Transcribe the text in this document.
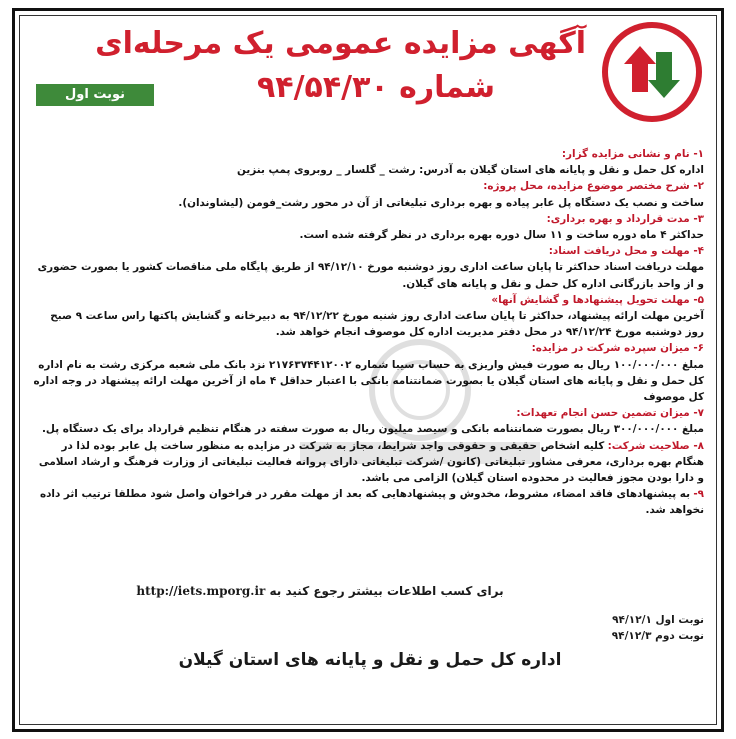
آگهی مزایده عمومی یک مرحله‌ای
شماره ۹۴/۵۴/۳۰
نوبت اول

۱- نام و نشانی مزایده گزار:

اداره کل حمل و نقل و پایانه های استان گیلان به آدرس: رشت _ گلسار _ روبروی پمپ بنزین

۲- شرح مختصر موضوع مزایده، محل پروژه:

ساخت و نصب یک دستگاه پل عابر پیاده و بهره برداری تبلیغاتی از آن در محور رشت_فومن (لیشاوندان).

۳- مدت قرارداد و بهره برداری:

حداکثر ۴ ماه دوره ساخت و ۱۱ سال دوره بهره برداری در نظر گرفته شده است.

۴- مهلت و محل دریافت اسناد:

مهلت دریافت اسناد حداکثر تا پایان ساعت اداری روز دوشنبه مورخ ۹۴/۱۲/۱۰ از طریق پایگاه ملی مناقصات کشور یا بصورت حضوری و از واحد بازرگانی اداره کل حمل و نقل و پایانه های گیلان.

۵- مهلت تحویل پیشنهادها و گشایش آنها»

آخرین مهلت ارائه پیشنهاد، حداکثر تا پایان ساعت اداری روز شنبه مورخ ۹۴/۱۲/۲۲ به دبیرخانه و گشایش پاکتها راس ساعت ۹ صبح روز دوشنبه مورخ ۹۴/۱۲/۲۴ در محل دفتر مدیریت اداره کل موصوف انجام خواهد شد.

۶- میزان سپرده شرکت در مزایده:

مبلغ ۱۰۰/۰۰۰/۰۰۰ ریال به صورت فیش واریزی به حساب سیبا شماره ۲۱۷۶۳۷۴۴۱۲۰۰۲ نزد بانک ملی شعبه مرکزی رشت به نام اداره کل حمل و نقل و پایانه های استان گیلان یا بصورت ضمانتنامه بانکی با اعتبار حداقل ۴ ماه از آخرین مهلت ارائه پیشنهاد در وجه اداره کل موصوف

۷- میزان تضمین حسن انجام تعهدات:

مبلغ ۳۰۰/۰۰۰/۰۰۰ ریال بصورت ضمانتنامه بانکی و سیصد میلیون ریال به صورت سفته در هنگام تنظیم قرارداد برای یک دستگاه پل.

۸- صلاحیت شرکت: کلیه اشخاص حقیقی و حقوقی واجد شرایط، مجاز به شرکت در مزایده به منظور ساخت پل عابر بوده لذا در هنگام بهره برداری، معرفی مشاور تبلیغاتی (کانون /شرکت تبلیغاتی دارای پروانه فعالیت تبلیغاتی از وزارت فرهنگ و ارشاد اسلامی و دارا بودن مجوز فعالیت در محدوده استان گیلان) الزامی می باشد.

۹- به پیشنهادهای فاقد امضاء، مشروط، مخدوش و پیشنهادهایی که بعد از مهلت مقرر در فراخوان واصل شود مطلقا ترتیب اثر داده نخواهد شد.

برای کسب اطلاعات بیشتر رجوع کنید به http://iets.mporg.ir
نوبت اول ۹۴/۱۲/۱
نوبت دوم ۹۴/۱۲/۳
اداره کل حمل و نقل و پایانه های استان گیلان
